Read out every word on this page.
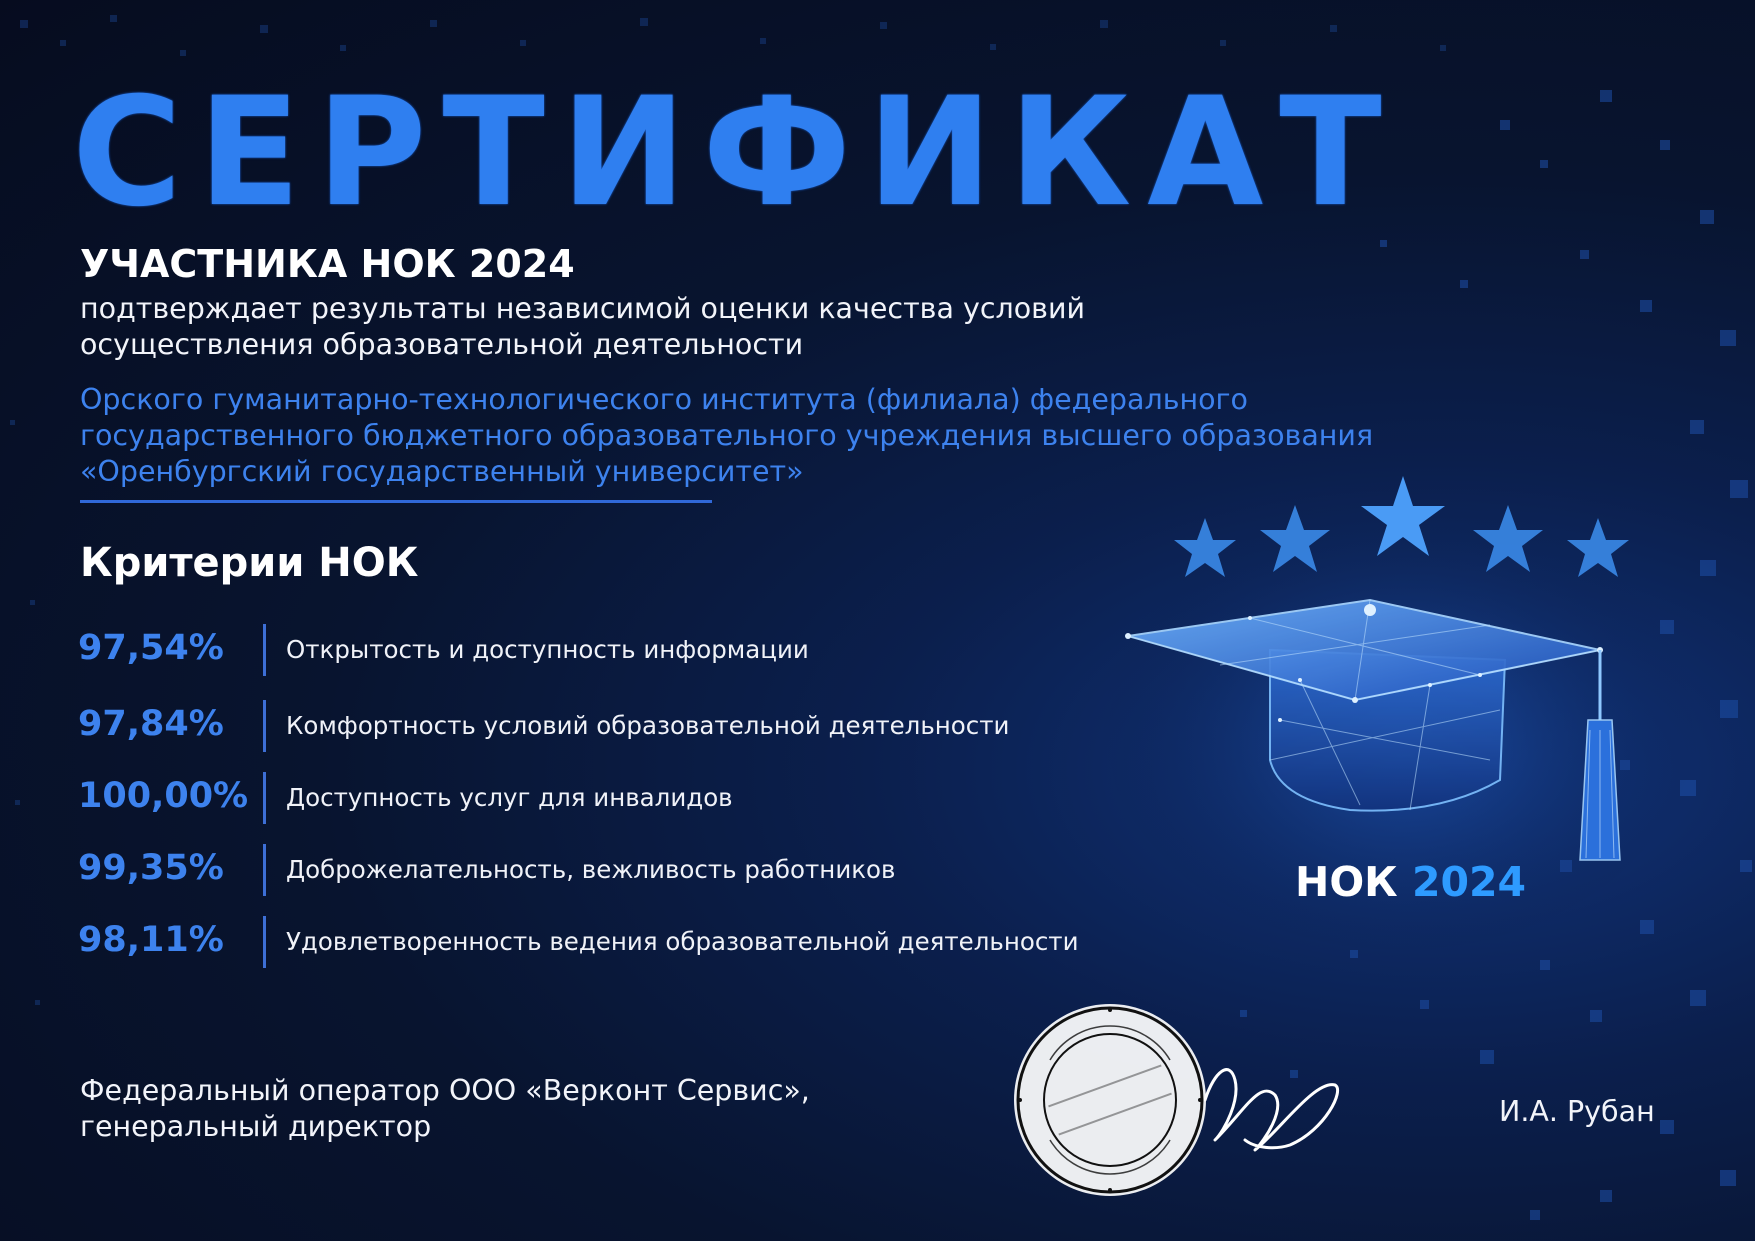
СЕРТИФИКАТ
УЧАСТНИКА НОК 2024

подтверждает результаты независимой оценки качества условий
осуществления образовательной деятельности

Орского гуманитарно-технологического института (филиала) федерального
государственного бюджетного образовательного учреждения высшего образования
«Оренбургский государственный университет»

Критерии НОК
97,54%	Открытость и доступность информации
97,84%	Комфортность условий образовательной деятельности
100,00% Доступность услуг для инвалидов
99,35%	Доброжелательность, вежливость работников
98,11%	Удовлетворенность ведения образовательной деятельности

НОК 2024

Федеральный оператор ООО «Верконт Сервис»,
генеральный директор	И.А. Рубан
